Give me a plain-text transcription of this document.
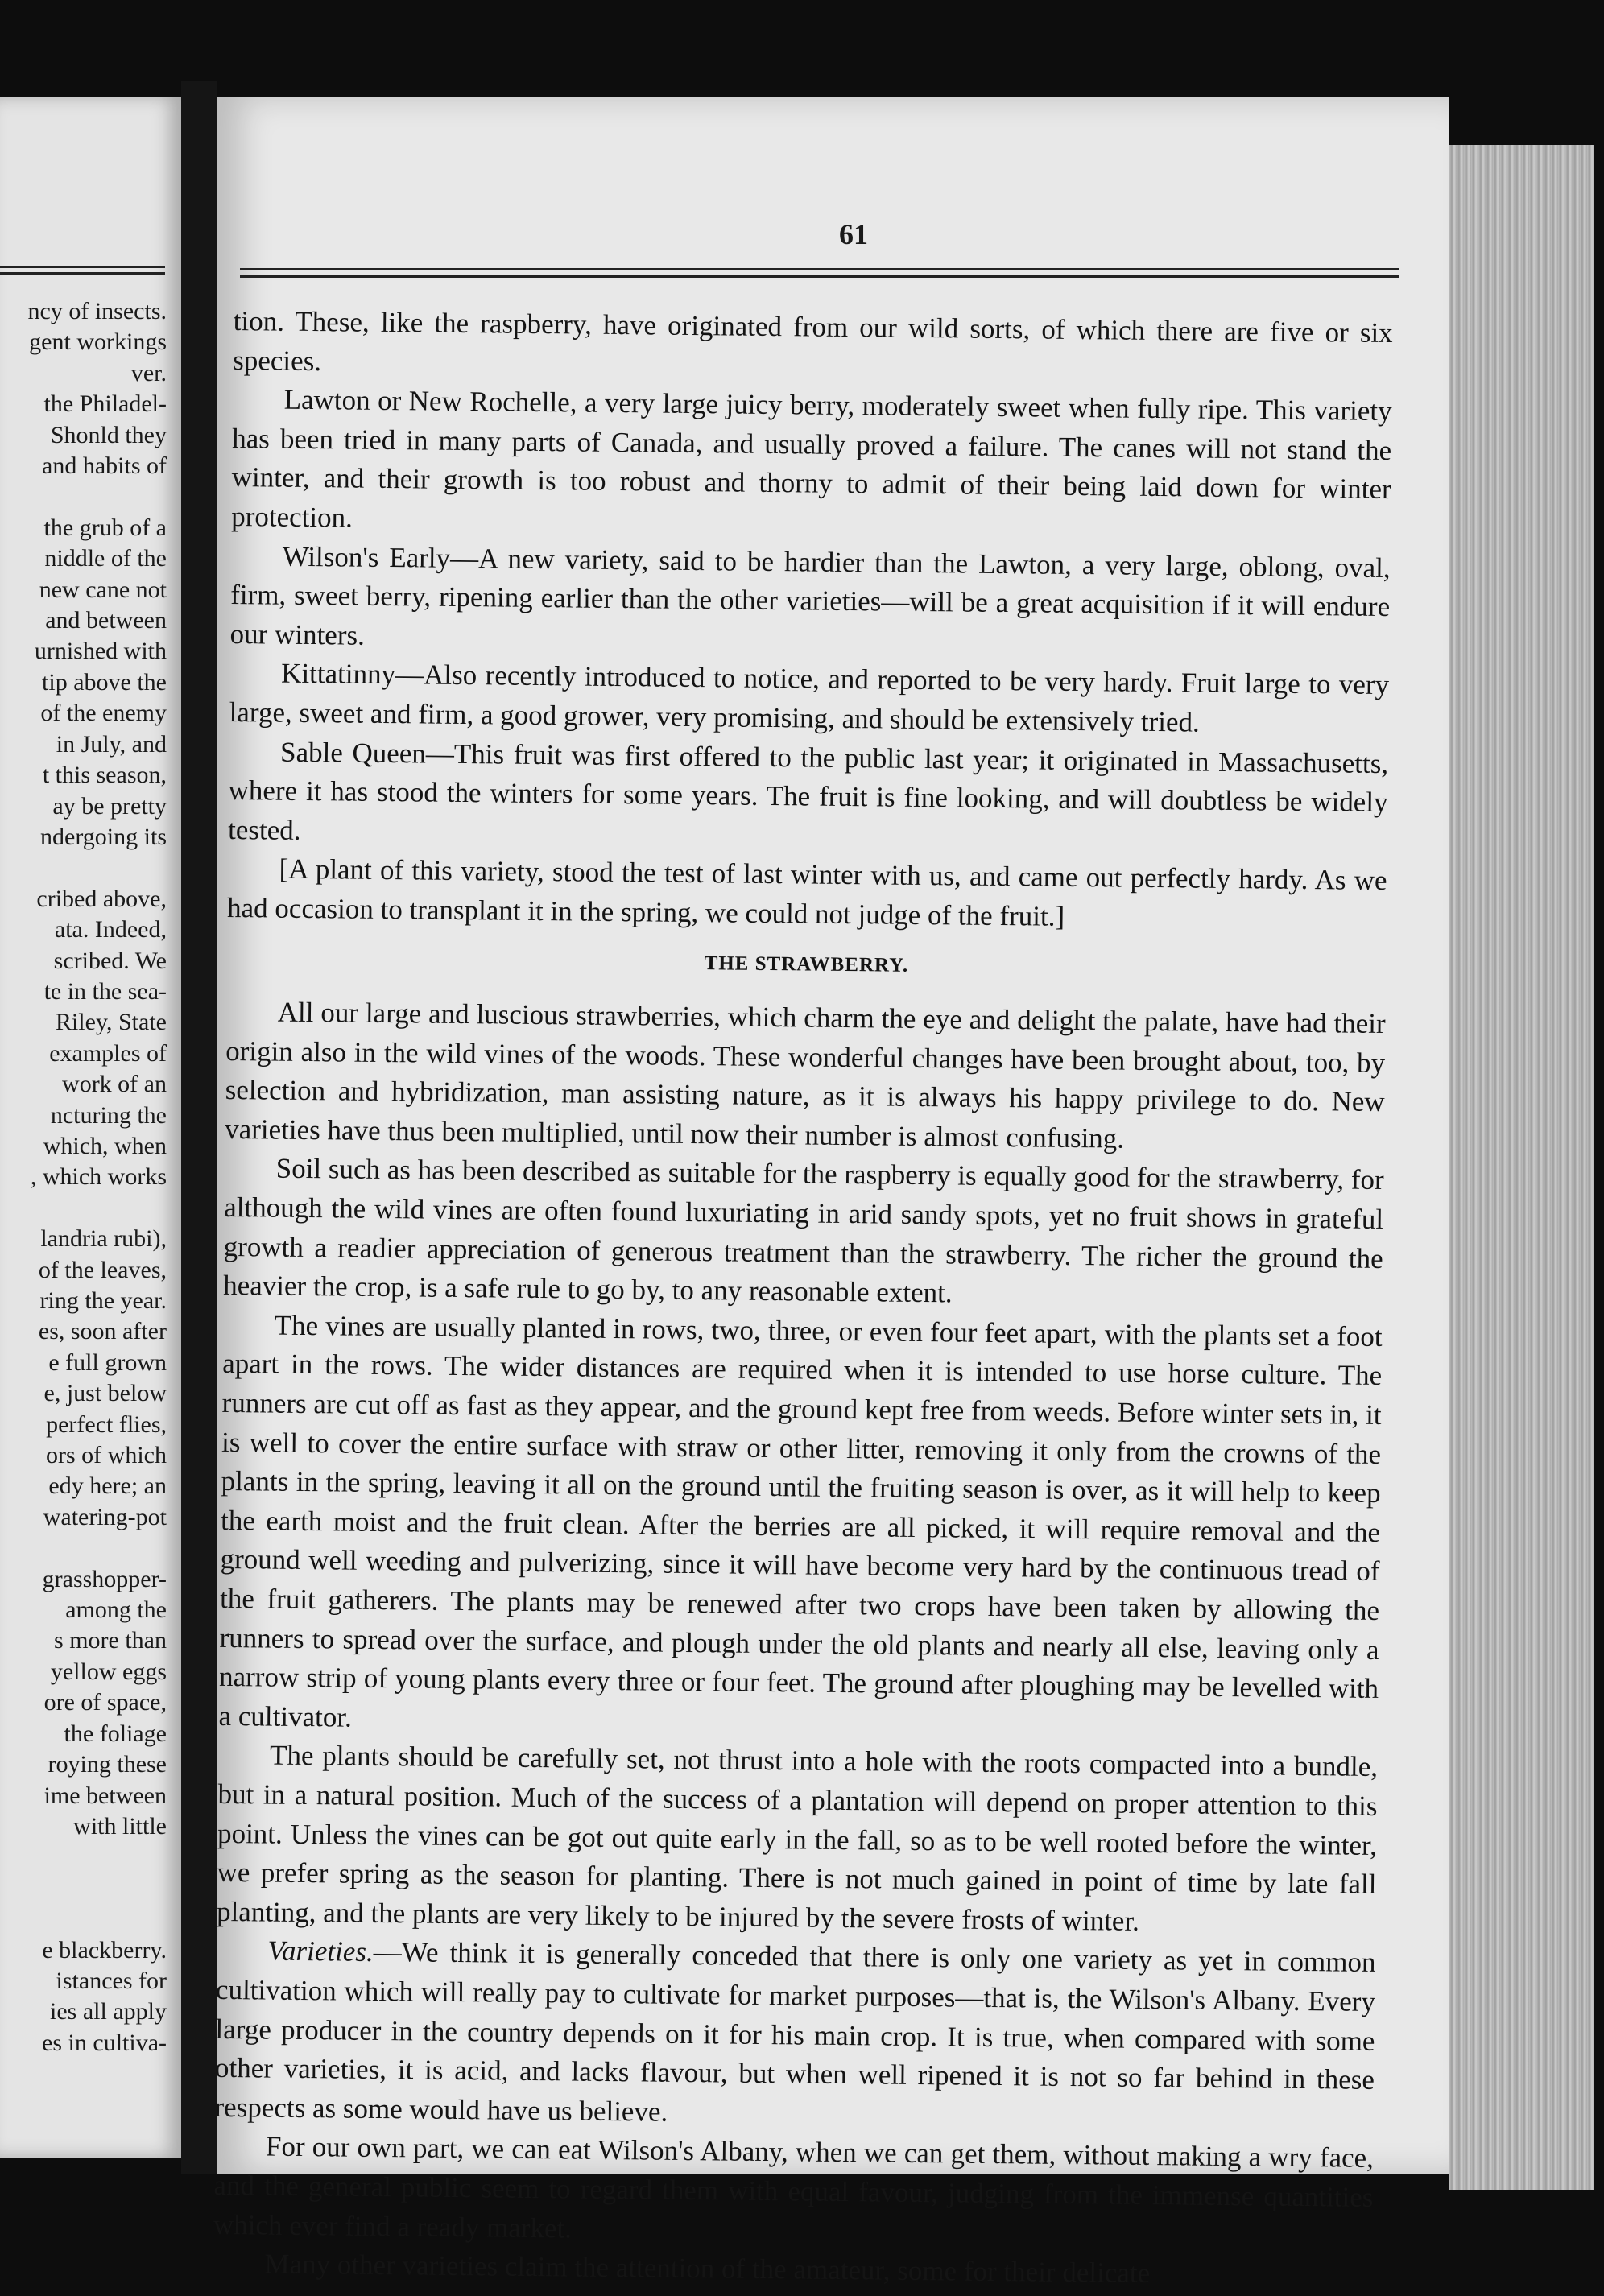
ncy of insects.
gent workings
ver.
the Philadel-
Shonld they
and habits of

the grub of a
niddle of the
new cane not
and between
urnished with
tip above the
of the enemy
in July, and
t this season,
ay be pretty
ndergoing its

cribed above,
ata. Indeed,
scribed. We
te in the sea-
Riley, State
examples of
work of an
ncturing the
which, when
, which works

landria rubi),
of the leaves,
ring the year.
es, soon after
e full grown
e, just below
perfect flies,
ors of which
edy here; an
watering-pot

grasshopper-
among the
s more than
yellow eggs
ore of space,
the foliage
roying these
ime between
with little

e blackberry.
istances for
ies all apply
es in cultiva-
61

tion. These, like the raspberry, have originated from our wild sorts, of which there are five or six species.

Lawton or New Rochelle, a very large juicy berry, moderately sweet when fully ripe. This variety has been tried in many parts of Canada, and usually proved a failure. The canes will not stand the winter, and their growth is too robust and thorny to admit of their being laid down for winter protection.

Wilson's Early—A new variety, said to be hardier than the Lawton, a very large, oblong, oval, firm, sweet berry, ripening earlier than the other varieties—will be a great acquisition if it will endure our winters.

Kittatinny—Also recently introduced to notice, and reported to be very hardy. Fruit large to very large, sweet and firm, a good grower, very promising, and should be extensively tried.

Sable Queen—This fruit was first offered to the public last year; it originated in Massachusetts, where it has stood the winters for some years. The fruit is fine looking, and will doubtless be widely tested.

[A plant of this variety, stood the test of last winter with us, and came out perfectly hardy. As we had occasion to transplant it in the spring, we could not judge of the fruit.]

THE STRAWBERRY.

All our large and luscious strawberries, which charm the eye and delight the palate, have had their origin also in the wild vines of the woods. These wonderful changes have been brought about, too, by selection and hybridization, man assisting nature, as it is always his happy privilege to do. New varieties have thus been multiplied, until now their number is almost confusing.

Soil such as has been described as suitable for the raspberry is equally good for the strawberry, for although the wild vines are often found luxuriating in arid sandy spots, yet no fruit shows in grateful growth a readier appreciation of generous treatment than the strawberry. The richer the ground the heavier the crop, is a safe rule to go by, to any reasonable extent.

The vines are usually planted in rows, two, three, or even four feet apart, with the plants set a foot apart in the rows. The wider distances are required when it is intended to use horse culture. The runners are cut off as fast as they appear, and the ground kept free from weeds. Before winter sets in, it is well to cover the entire surface with straw or other litter, removing it only from the crowns of the plants in the spring, leaving it all on the ground until the fruiting season is over, as it will help to keep the earth moist and the fruit clean. After the berries are all picked, it will require removal and the ground well weeding and pulverizing, since it will have become very hard by the continuous tread of the fruit gatherers. The plants may be renewed after two crops have been taken by allowing the runners to spread over the surface, and plough under the old plants and nearly all else, leaving only a narrow strip of young plants every three or four feet. The ground after ploughing may be levelled with a cultivator.

The plants should be carefully set, not thrust into a hole with the roots compacted into a bundle, but in a natural position. Much of the success of a plantation will depend on proper attention to this point. Unless the vines can be got out quite early in the fall, so as to be well rooted before the winter, we prefer spring as the season for planting. There is not much gained in point of time by late fall planting, and the plants are very likely to be injured by the severe frosts of winter.

Varieties.—We think it is generally conceded that there is only one variety as yet in common cultivation which will really pay to cultivate for market purposes—that is, the Wilson's Albany. Every large producer in the country depends on it for his main crop. It is true, when compared with some other varieties, it is acid, and lacks flavour, but when well ripened it is not so far behind in these respects as some would have us believe.

For our own part, we can eat Wilson's Albany, when we can get them, without making a wry face, and the general public seem to regard them with equal favour, judging from the immense quantities which ever find a ready market.

Many other varieties claim the attention of the amateur, some for their delicate
